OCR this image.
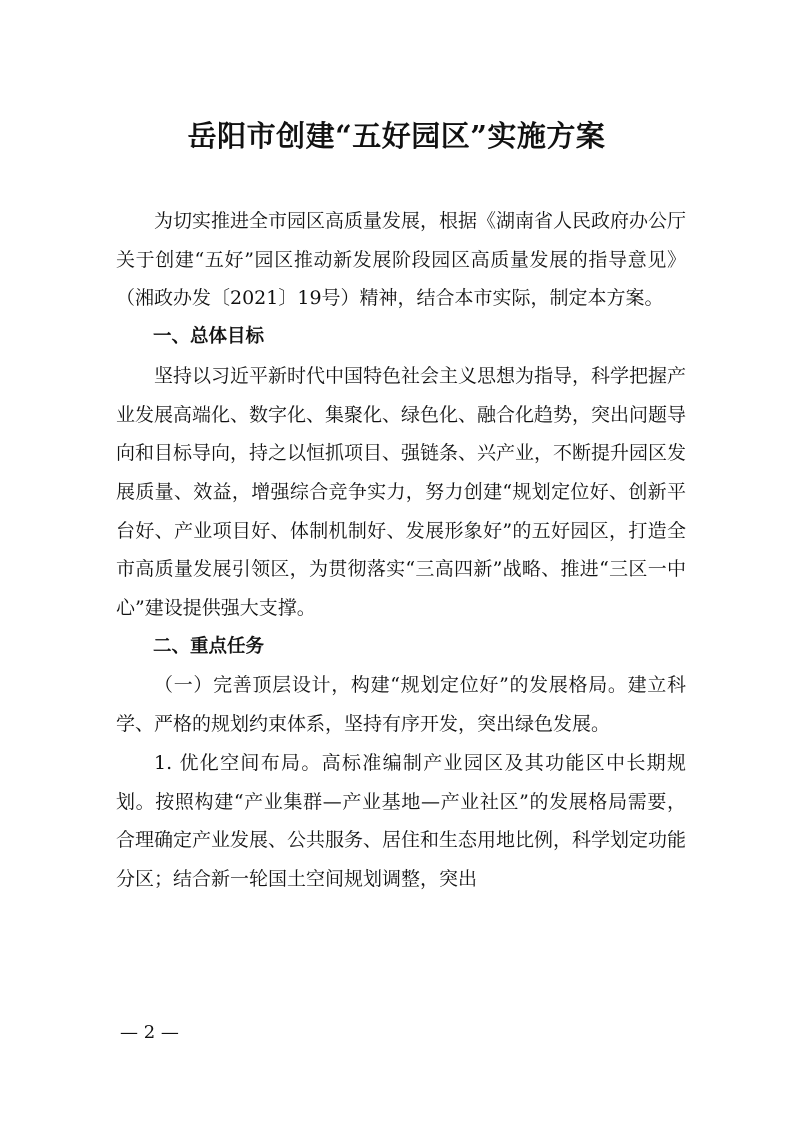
岳阳市创建“五好园区”实施方案

为切实推进全市园区高质量发展，根据《湖南省人民政府办公厅关于创建“五好”园区推动新发展阶段园区高质量发展的指导意见》（湘政办发〔2021〕19号）精神，结合本市实际，制定本方案。

一、总体目标

坚持以习近平新时代中国特色社会主义思想为指导，科学把握产业发展高端化、数字化、集聚化、绿色化、融合化趋势，突出问题导向和目标导向，持之以恒抓项目、强链条、兴产业，不断提升园区发展质量、效益，增强综合竞争实力，努力创建“规划定位好、创新平台好、产业项目好、体制机制好、发展形象好”的五好园区，打造全市高质量发展引领区，为贯彻落实“三高四新”战略、推进“三区一中心”建设提供强大支撑。

二、重点任务

（一）完善顶层设计，构建“规划定位好”的发展格局。建立科学、严格的规划约束体系，坚持有序开发，突出绿色发展。

1. 优化空间布局。高标准编制产业园区及其功能区中长期规划。按照构建“产业集群—产业基地—产业社区”的发展格局需要，合理确定产业发展、公共服务、居住和生态用地比例，科学划定功能分区；结合新一轮国土空间规划调整，突出

— 2 —
